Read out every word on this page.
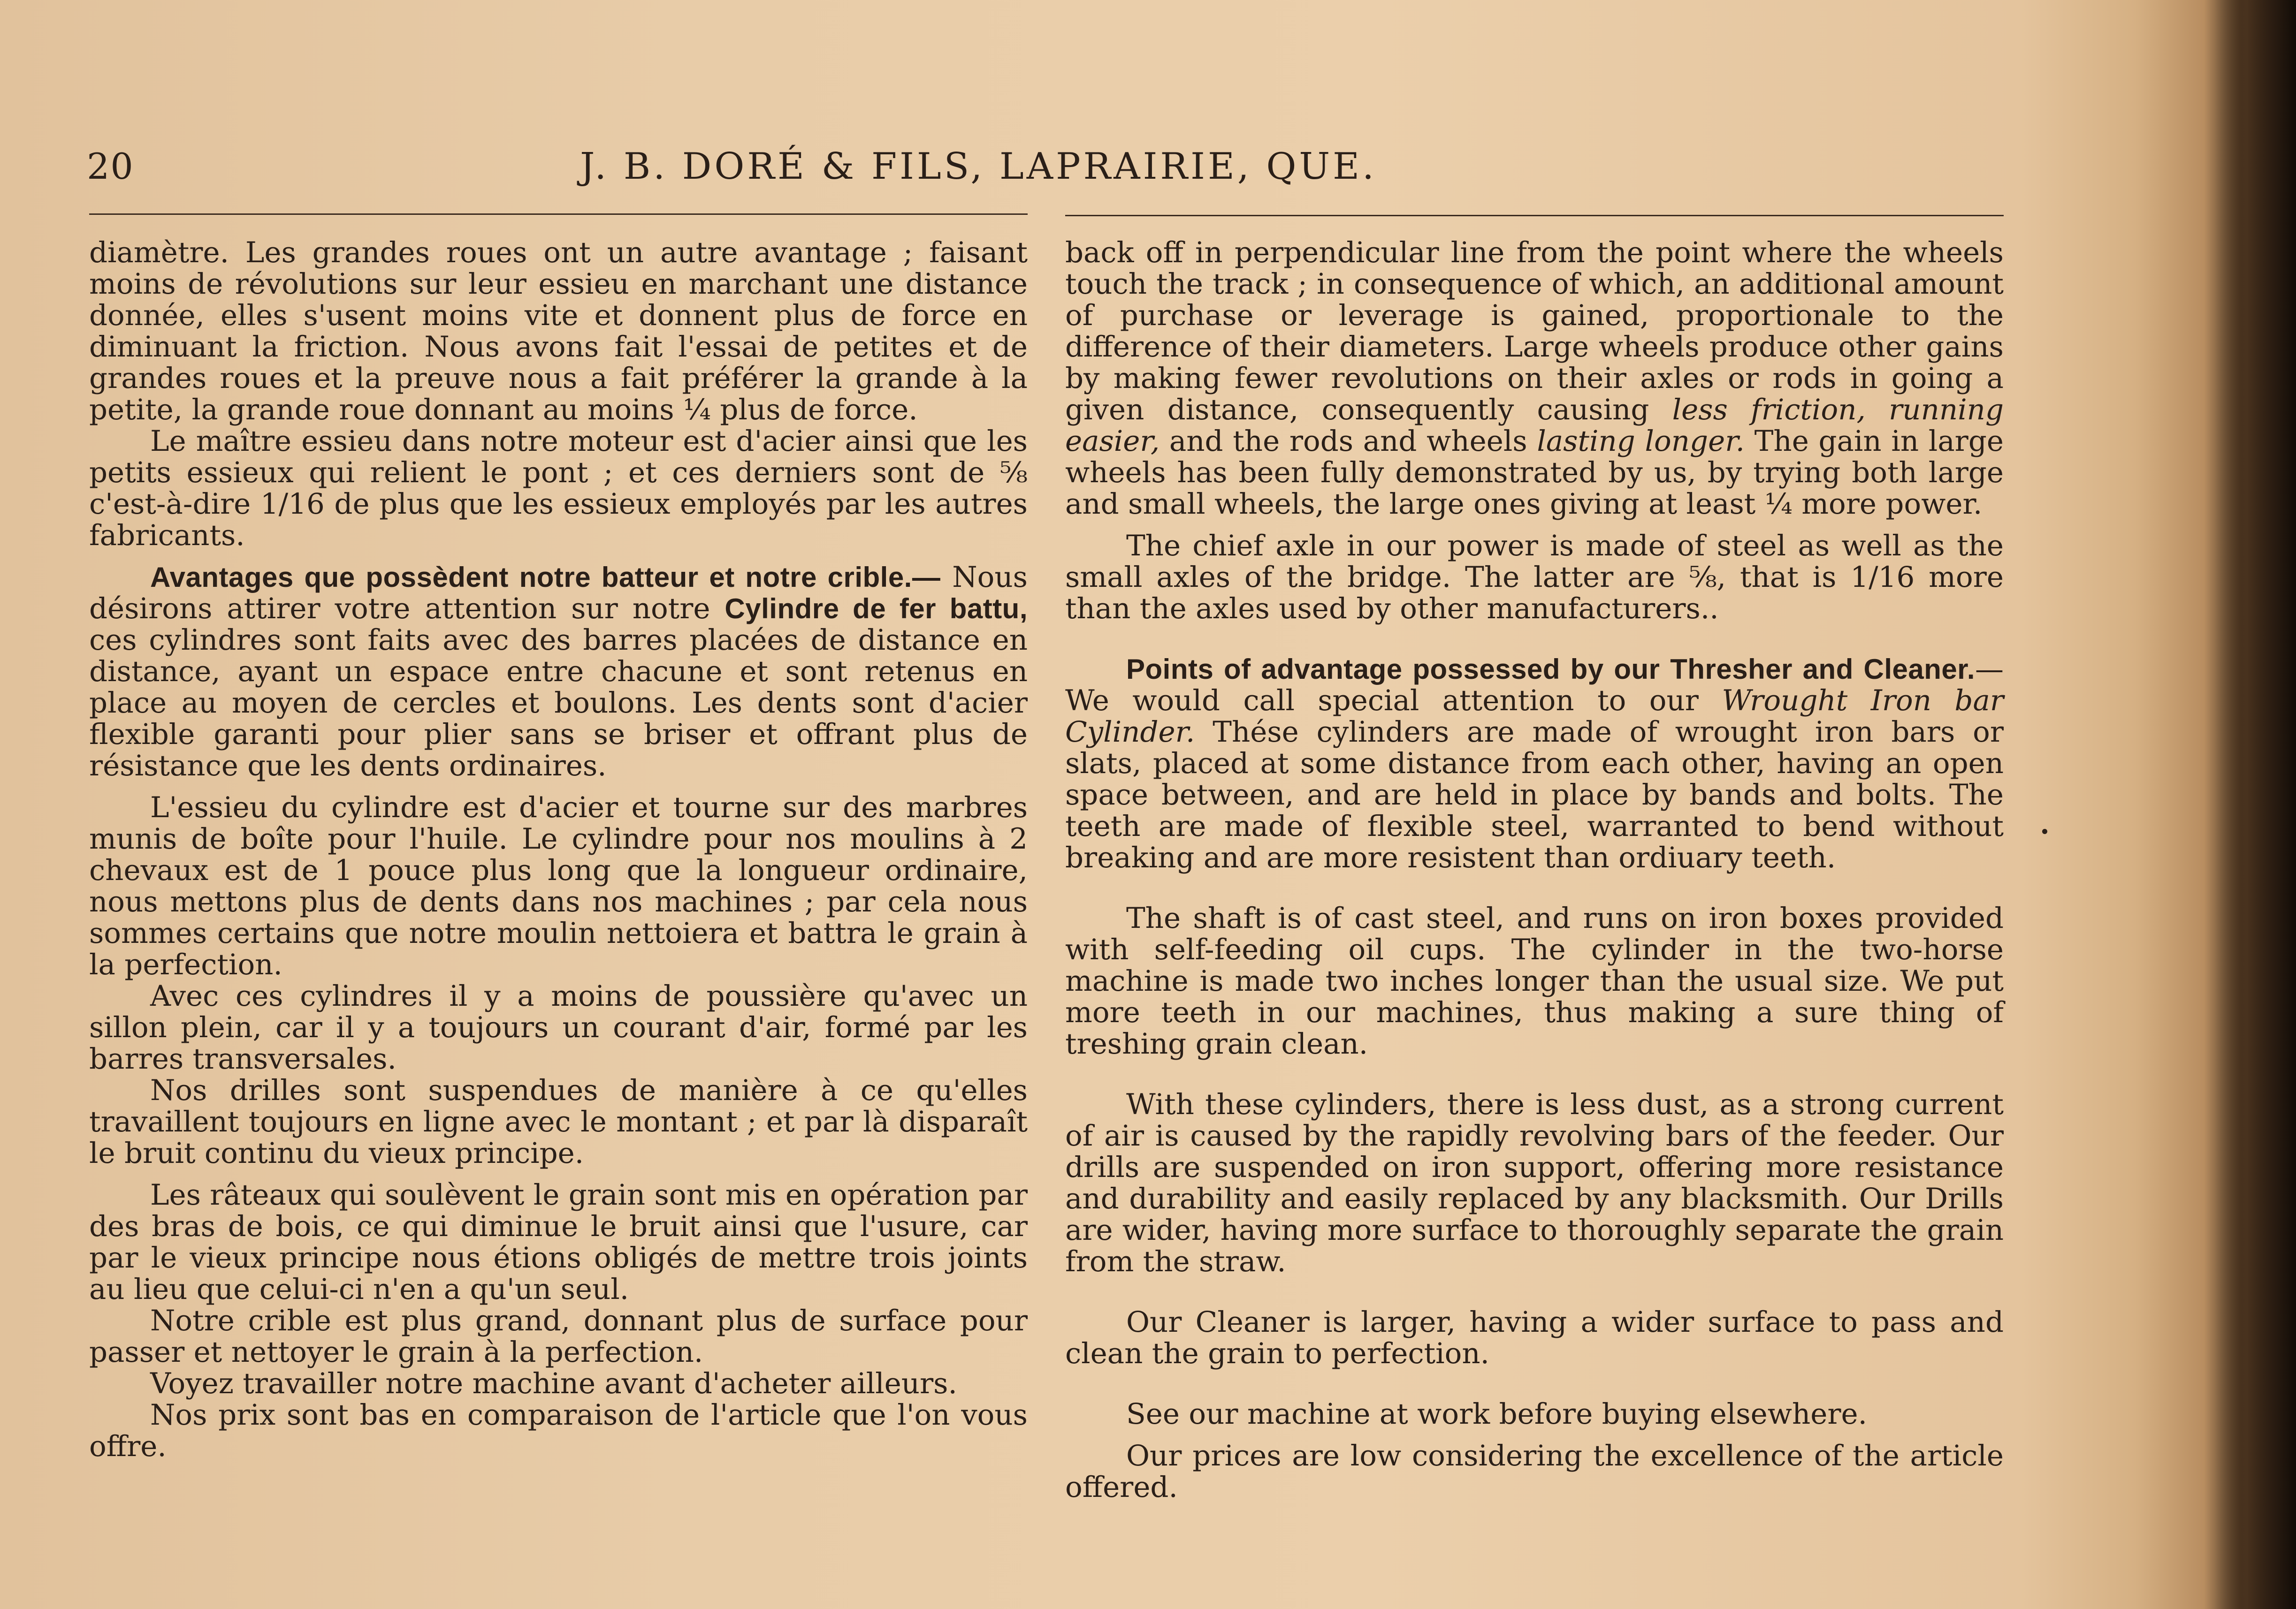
20	J. B. DORÉ & FILS, LAPRAIRIE, QUE.

diamètre. Les grandes roues ont un autre avantage ; faisant moins de révolutions sur leur essieu en marchant une distance donnée, elles s'usent moins vite et donnent plus de force en diminuant la friction. Nous avons fait l'essai de petites et de grandes roues et la preuve nous a fait préférer la grande à la petite, la grande roue donnant au moins ¼ plus de force.

Le maître essieu dans notre moteur est d'acier ainsi que les petits essieux qui relient le pont ; et ces derniers sont de ⅝ c'est-à-dire 1/16 de plus que les essieux employés par les autres fabricants.

Avantages que possèdent notre batteur et notre crible.— Nous désirons attirer votre attention sur notre Cylindre de fer battu, ces cylindres sont faits avec des barres placées de distance en distance, ayant un espace entre chacune et sont retenus en place au moyen de cercles et boulons. Les dents sont d'acier flexible garanti pour plier sans se briser et offrant plus de résistance que les dents ordinaires.

L'essieu du cylindre est d'acier et tourne sur des marbres munis de boîte pour l'huile. Le cylindre pour nos moulins à 2 chevaux est de 1 pouce plus long que la longueur ordinaire, nous mettons plus de dents dans nos machines ; par cela nous sommes certains que notre moulin nettoiera et battra le grain à la perfection.

Avec ces cylindres il y a moins de poussière qu'avec un sillon plein, car il y a toujours un courant d'air, formé par les barres transversales.

Nos drilles sont suspendues de manière à ce qu'elles travaillent toujours en ligne avec le montant ; et par là disparaît le bruit continu du vieux principe.

Les râteaux qui soulèvent le grain sont mis en opération par des bras de bois, ce qui diminue le bruit ainsi que l'usure, car par le vieux principe nous étions obligés de mettre trois joints au lieu que celui-ci n'en a qu'un seul.

Notre crible est plus grand, donnant plus de surface pour passer et nettoyer le grain à la perfection.

Voyez travailler notre machine avant d'acheter ailleurs.

Nos prix sont bas en comparaison de l'article que l'on vous offre.

back off in perpendicular line from the point where the wheels touch the track ; in consequence of which, an additional amount of purchase or leverage is gained, proportionale to the difference of their diameters. Large wheels produce other gains by making fewer revolutions on their axles or rods in going a given distance, consequently causing less friction, running easier, and the rods and wheels lasting longer. The gain in large wheels has been fully demonstrated by us, by trying both large and small wheels, the large ones giving at least ¼ more power.

The chief axle in our power is made of steel as well as the small axles of the bridge. The latter are ⅝, that is 1/16 more than the axles used by other manufacturers..

Points of advantage possessed by our Thresher and Cleaner.—We would call special attention to our Wrought Iron bar Cylinder. Thése cylinders are made of wrought iron bars or slats, placed at some distance from each other, having an open space between, and are held in place by bands and bolts. The teeth are made of flexible steel, warranted to bend without breaking and are more resistent than ordiuary teeth.

The shaft is of cast steel, and runs on iron boxes provided with self-feeding oil cups. The cylinder in the two-horse machine is made two inches longer than the usual size. We put more teeth in our machines, thus making a sure thing of treshing grain clean.

With these cylinders, there is less dust, as a strong current of air is caused by the rapidly revolving bars of the feeder. Our drills are suspended on iron support, offering more resistance and durability and easily replaced by any blacksmith. Our Drills are wider, having more surface to thoroughly separate the grain from the straw.

Our Cleaner is larger, having a wider surface to pass and clean the grain to perfection.

See our machine at work before buying elsewhere.

Our prices are low considering the excellence of the article offered.
